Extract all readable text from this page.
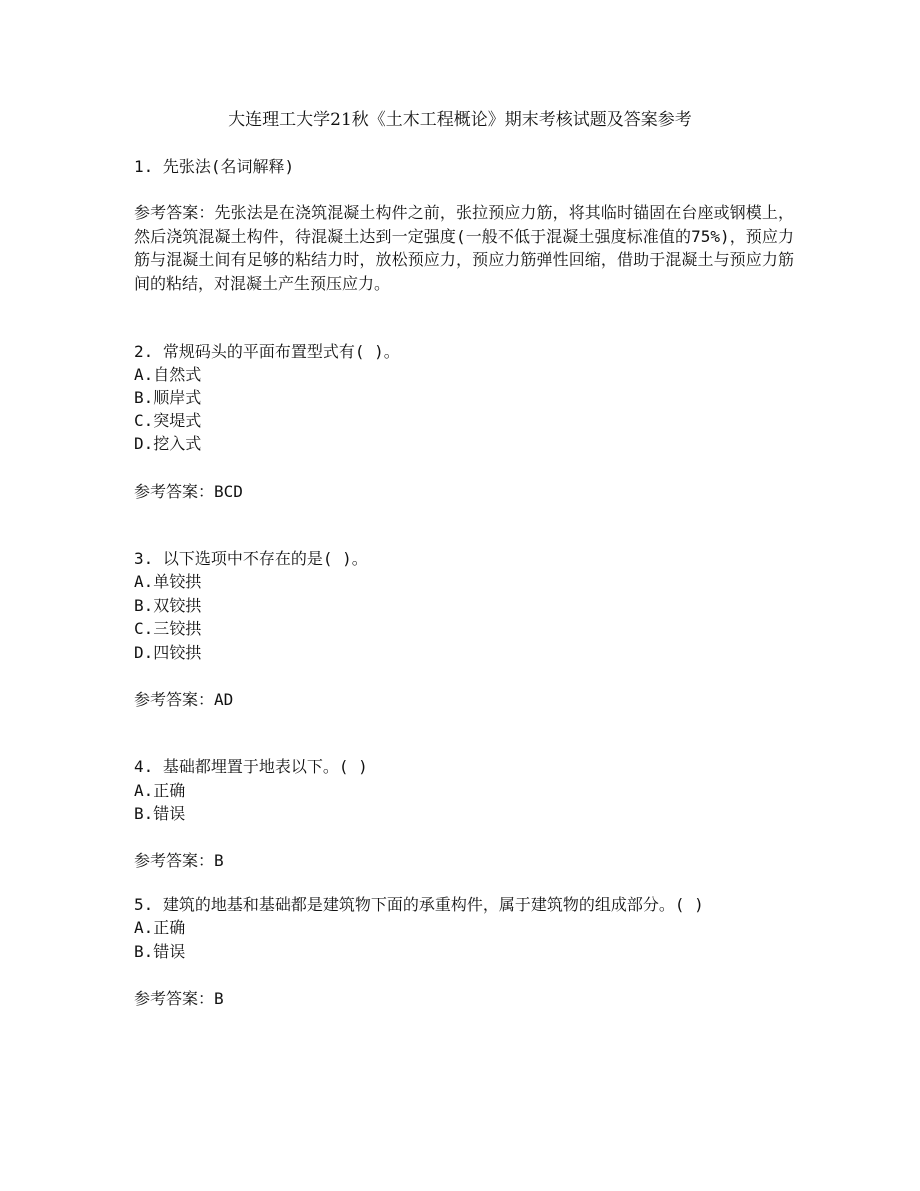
大连理工大学21秋《土木工程概论》期末考核试题及答案参考
1. 先张法(名词解释)
参考答案：先张法是在浇筑混凝土构件之前，张拉预应力筋，将其临时锚固在台座或钢模上，然后浇筑混凝土构件，待混凝土达到一定强度(一般不低于混凝土强度标准值的75%)，预应力筋与混凝土间有足够的粘结力时，放松预应力，预应力筋弹性回缩，借助于混凝土与预应力筋间的粘结，对混凝土产生预压应力。
2. 常规码头的平面布置型式有( )。
A.自然式
B.顺岸式
C.突堤式
D.挖入式
参考答案：BCD
3. 以下选项中不存在的是( )。
A.单铰拱
B.双铰拱
C.三铰拱
D.四铰拱
参考答案：AD
4. 基础都埋置于地表以下。( )
A.正确
B.错误
参考答案：B
5. 建筑的地基和基础都是建筑物下面的承重构件，属于建筑物的组成部分。( )
A.正确
B.错误
参考答案：B
